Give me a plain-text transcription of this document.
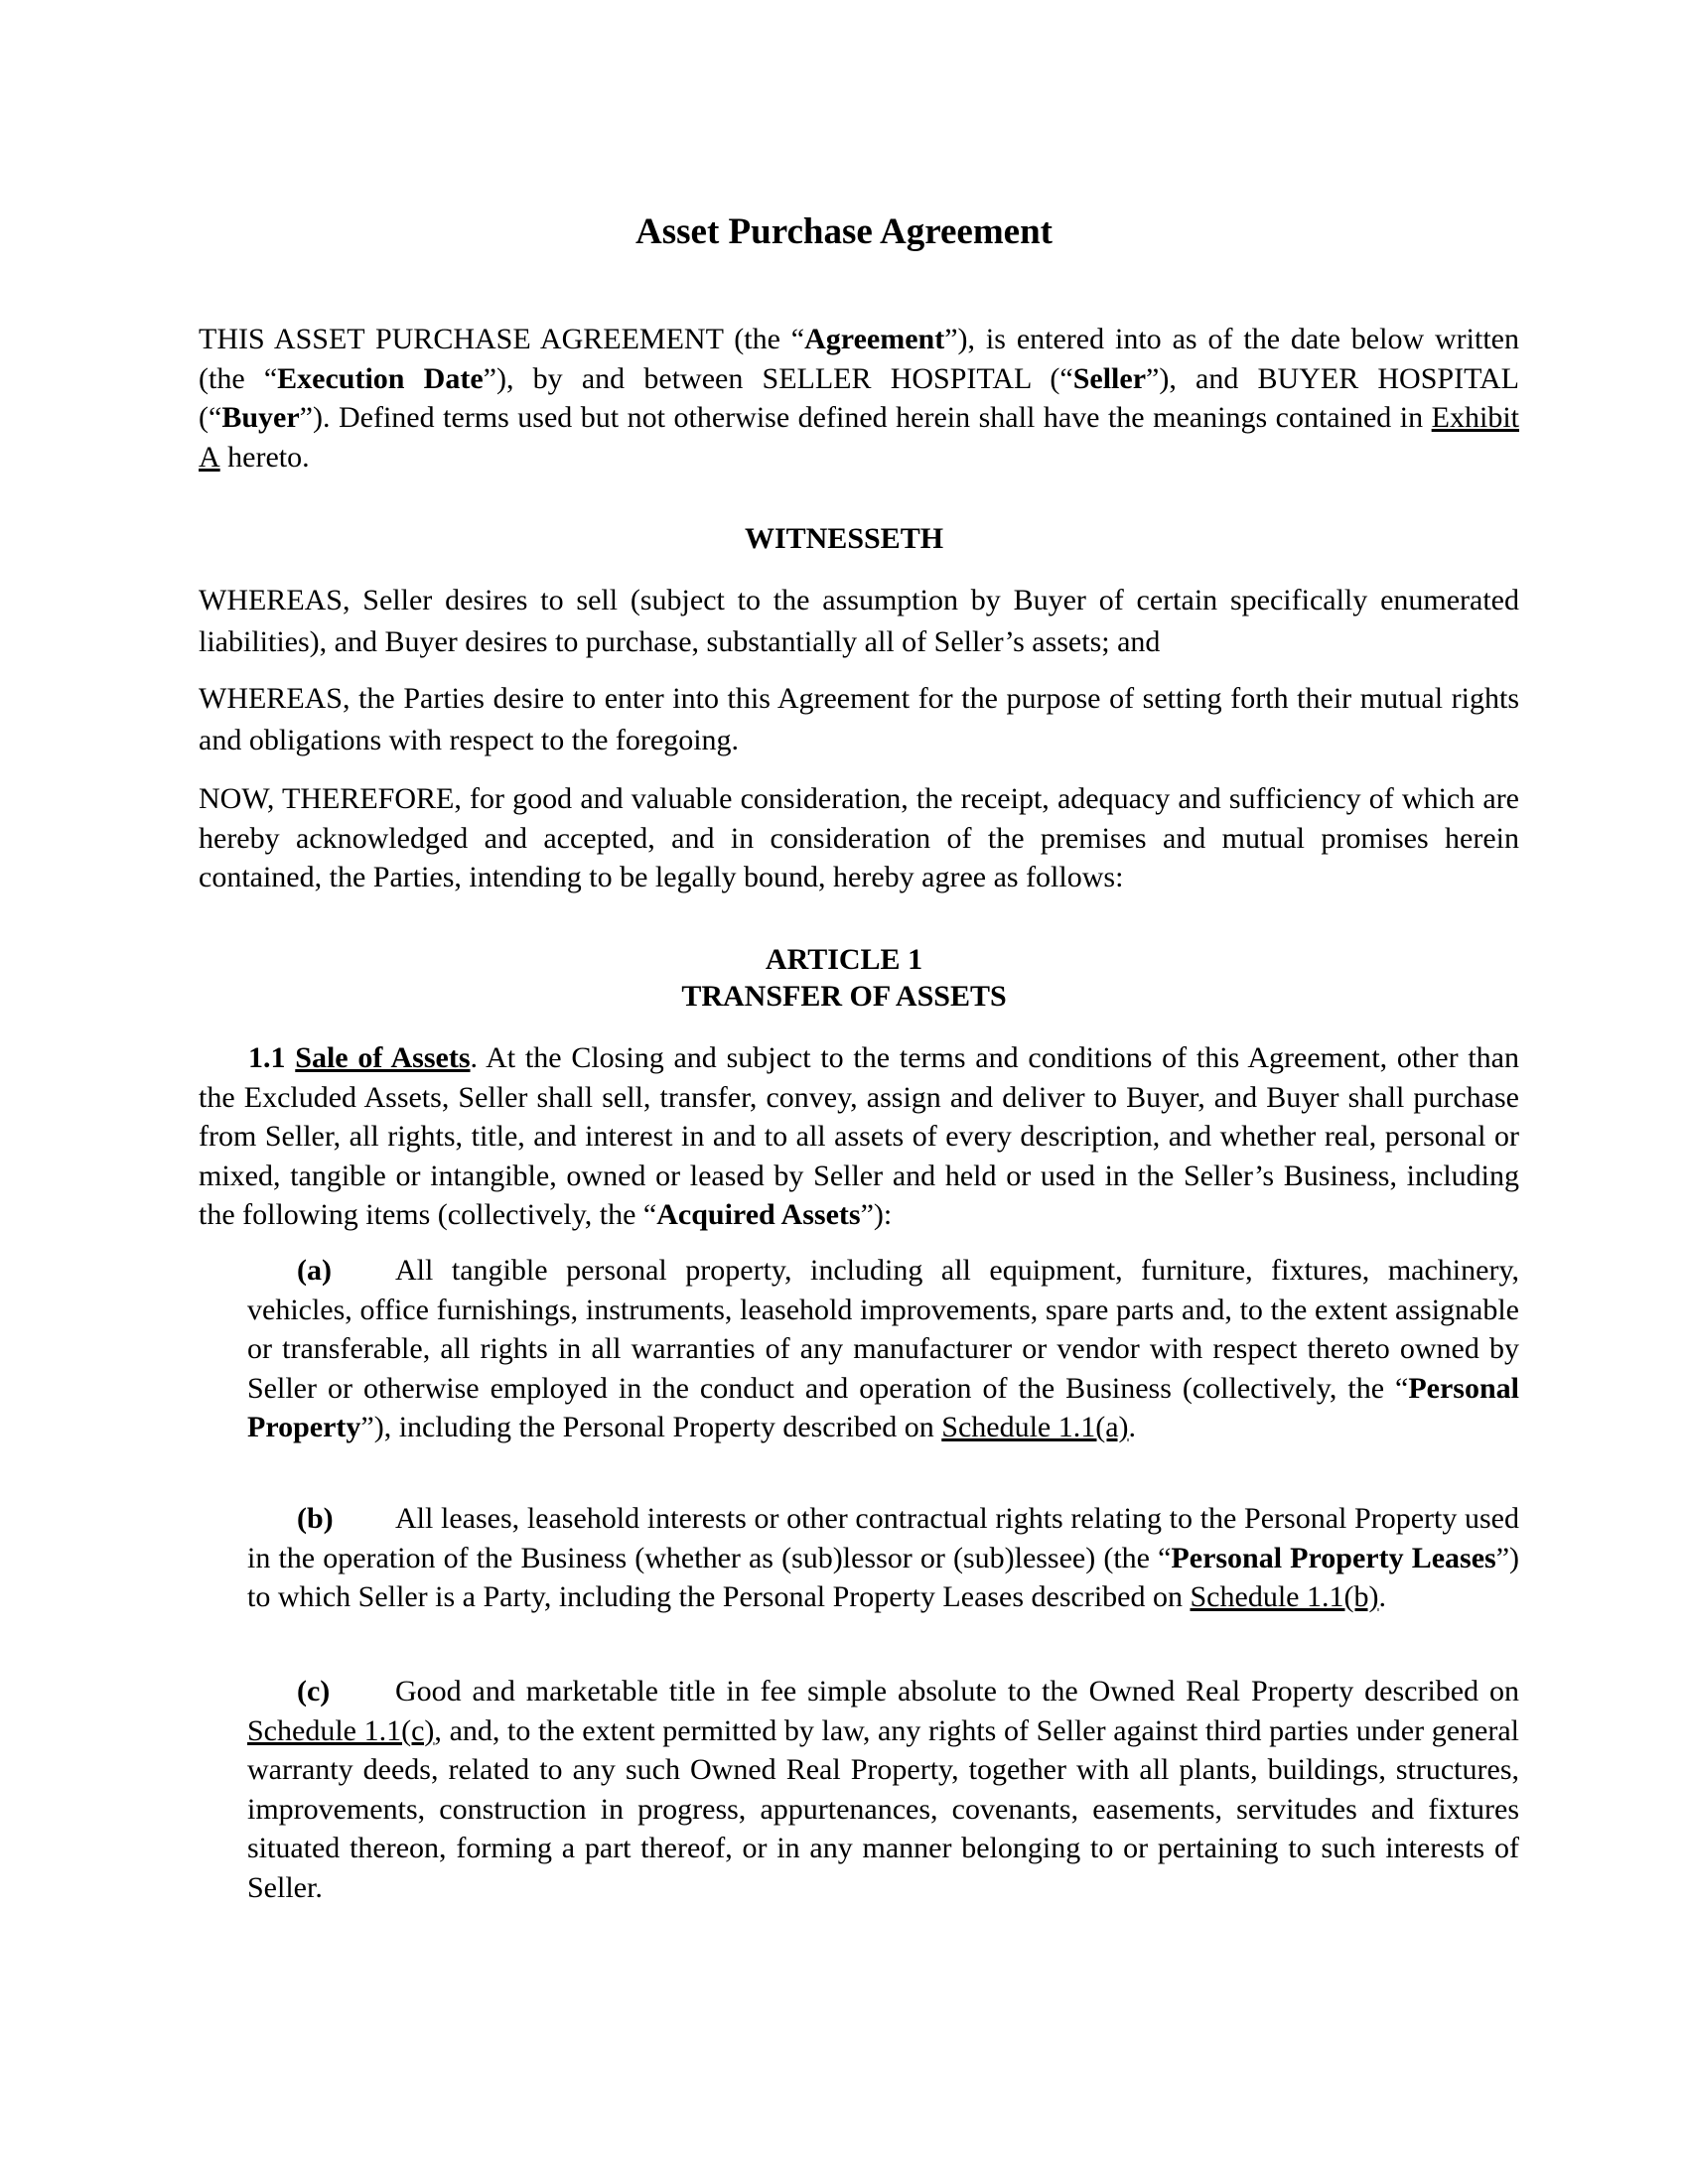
Asset Purchase Agreement
THIS ASSET PURCHASE AGREEMENT (the “Agreement”), is entered into as of the date below written (the “Execution Date”), by and between SELLER HOSPITAL (“Seller”), and BUYER HOSPITAL (“Buyer”). Defined terms used but not otherwise defined herein shall have the meanings contained in Exhibit A hereto.
WITNESSETH
WHEREAS, Seller desires to sell (subject to the assumption by Buyer of certain specifically enumerated liabilities), and Buyer desires to purchase, substantially all of Seller’s assets; and
WHEREAS, the Parties desire to enter into this Agreement for the purpose of setting forth their mutual rights and obligations with respect to the foregoing.
NOW, THEREFORE, for good and valuable consideration, the receipt, adequacy and sufficiency of which are hereby acknowledged and accepted, and in consideration of the premises and mutual promises herein contained, the Parties, intending to be legally bound, hereby agree as follows:
ARTICLE 1
TRANSFER OF ASSETS
1.1 Sale of Assets. At the Closing and subject to the terms and conditions of this Agreement, other than the Excluded Assets, Seller shall sell, transfer, convey, assign and deliver to Buyer, and Buyer shall purchase from Seller, all rights, title, and interest in and to all assets of every description, and whether real, personal or mixed, tangible or intangible, owned or leased by Seller and held or used in the Seller’s Business, including the following items (collectively, the “Acquired Assets”):
(a) All tangible personal property, including all equipment, furniture, fixtures, machinery, vehicles, office furnishings, instruments, leasehold improvements, spare parts and, to the extent assignable or transferable, all rights in all warranties of any manufacturer or vendor with respect thereto owned by Seller or otherwise employed in the conduct and operation of the Business (collectively, the “Personal Property”), including the Personal Property described on Schedule 1.1(a).
(b) All leases, leasehold interests or other contractual rights relating to the Personal Property used in the operation of the Business (whether as (sub)lessor or (sub)lessee) (the “Personal Property Leases”) to which Seller is a Party, including the Personal Property Leases described on Schedule 1.1(b).
(c) Good and marketable title in fee simple absolute to the Owned Real Property described on Schedule 1.1(c), and, to the extent permitted by law, any rights of Seller against third parties under general warranty deeds, related to any such Owned Real Property, together with all plants, buildings, structures, improvements, construction in progress, appurtenances, covenants, easements, servitudes and fixtures situated thereon, forming a part thereof, or in any manner belonging to or pertaining to such interests of Seller.
